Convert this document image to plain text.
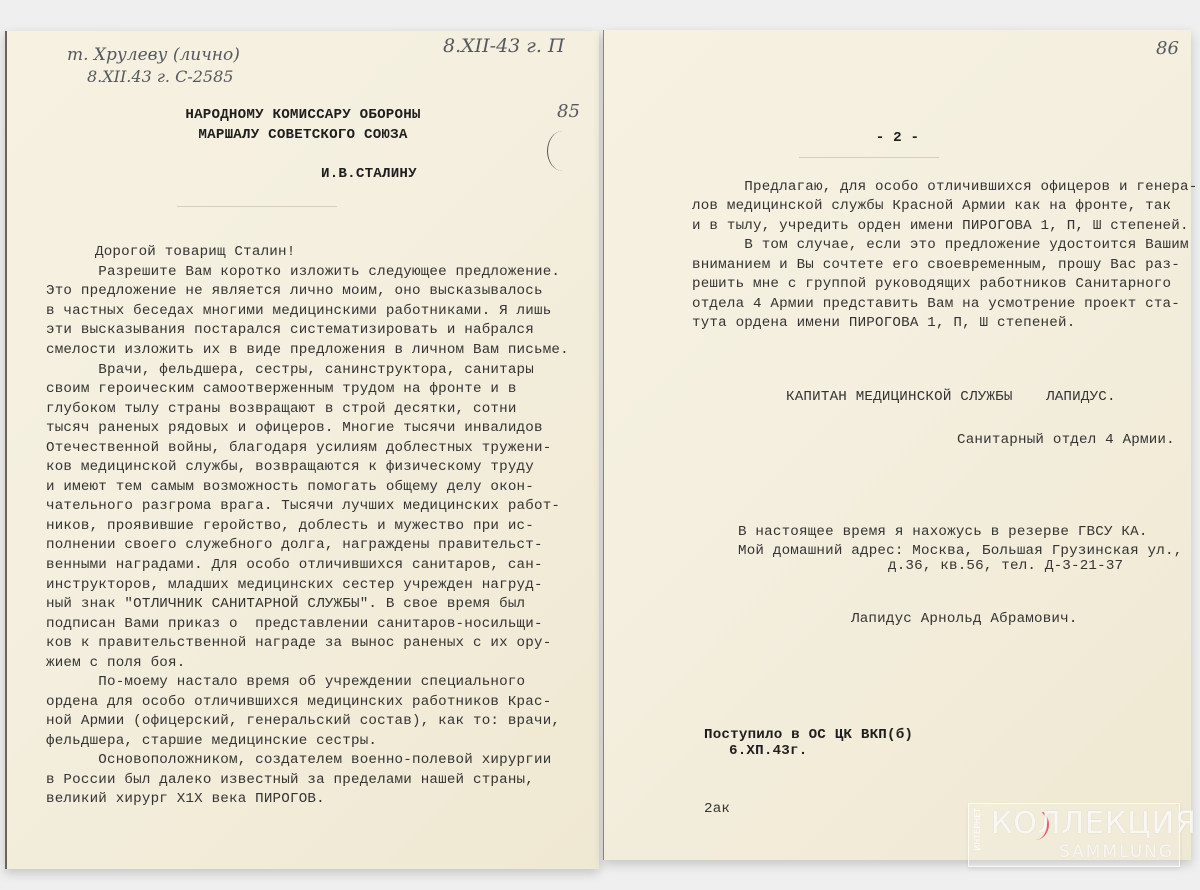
т. Хрулеву (лично)
8.XII.43 г. С-2585
8.XII-43 г. П
85
НАРОДНОМУ КОМИССАРУ ОБОРОНЫ
МАРШАЛУ СОВЕТСКОГО СОЮЗА
И.В.СТАЛИНУ
Дорогой товарищ Сталин!
Разрешите Вам коротко изложить следующее предложение.
Это предложение не является лично моим, оно высказывалось
в частных беседах многими медицинскими работниками. Я лишь
эти высказывания постарался систематизировать и набрался
смелости изложить их в виде предложения в личном Вам письме.
Врачи, фельдшера, сестры, санинструктора, санитары
своим героическим самоотверженным трудом на фронте и в
глубоком тылу страны возвращают в строй десятки, сотни
тысяч раненых рядовых и офицеров. Многие тысячи инвалидов
Отечественной войны, благодаря усилиям доблестных тружени-
ков медицинской службы, возвращаются к физическому труду
и имеют тем самым возможность помогать общему делу окон-
чательного разгрома врага. Тысячи лучших медицинских работ-
ников, проявившие геройство, доблесть и мужество при ис-
полнении своего служебного долга, награждены правительст-
венными наградами. Для особо отличившихся санитаров, сан-
инструкторов, младших медицинских сестер учрежден нагруд-
ный знак "ОТЛИЧНИК САНИТАРНОЙ СЛУЖБЫ". В свое время был
подписан Вами приказ о  представлении санитаров-носильщи-
ков к правительственной награде за вынос раненых с их ору-
жием с поля боя.
По-моему настало время об учреждении специального
ордена для особо отличившихся медицинских работников Крас-
ной Армии (офицерский, генеральский состав), как то: врачи,
фельдшера, старшие медицинские сестры.
Основоположником, создателем военно-полевой хирургии
в России был далеко известный за пределами нашей страны,
великий хирург X1X века ПИРОГОВ.
86
- 2 -
Предлагаю, для особо отличившихся офицеров и генера-
лов медицинской службы Красной Армии как на фронте, так
и в тылу, учредить орден имени ПИРОГОВА 1, П, Ш степеней.
В том случае, если это предложение удостоится Вашим
вниманием и Вы сочтете его своевременным, прошу Вас раз-
решить мне с группой руководящих работников Санитарного
отдела 4 Армии представить Вам на усмотрение проект ста-
тута ордена имени ПИРОГОВА 1, П, Ш степеней.
КАПИТАН МЕДИЦИНСКОЙ СЛУЖБЫ ЛАПИДУС.
Санитарный отдел 4 Армии.
В настоящее время я нахожусь в резерве ГВСУ КА.
Мой домашний адрес: Москва, Большая Грузинская ул.,
д.36, кв.56, тел. Д-3-21-37
Лапидус Арнольд Абрамович.
Поступило в ОС ЦК ВКП(б)
6.XП.43г.
2ак	ИНТЕРНЕТ КОЛЛЕКЦИЯ
SAMMLUNG
